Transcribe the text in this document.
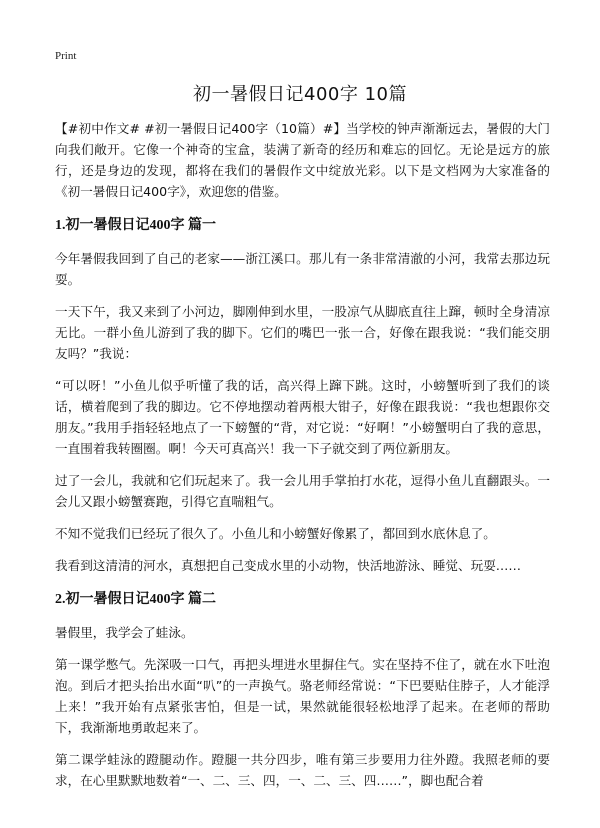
Print
初一暑假日记400字 10篇

【#初中作文# #初一暑假日记400字（10篇）#】当学校的钟声渐渐远去，暑假的大门向我们敞开。它像一个神奇的宝盒，装满了新奇的经历和难忘的回忆。无论是远方的旅行，还是身边的发现，都将在我们的暑假作文中绽放光彩。以下是文档网为大家准备的《初一暑假日记400字》，欢迎您的借鉴。

1.初一暑假日记400字 篇一

今年暑假我回到了自己的老家——浙江溪口。那儿有一条非常清澈的小河，我常去那边玩耍。

一天下午，我又来到了小河边，脚刚伸到水里，一股凉气从脚底直往上蹿，顿时全身清凉无比。一群小鱼儿游到了我的脚下。它们的嘴巴一张一合，好像在跟我说：“我们能交朋友吗？”我说：

“可以呀！”小鱼儿似乎听懂了我的话，高兴得上蹿下跳。这时，小螃蟹听到了我们的谈话，横着爬到了我的脚边。它不停地摆动着两根大钳子，好像在跟我说：“我也想跟你交朋友。”我用手指轻轻地点了一下螃蟹的“背，对它说：“好啊！”小螃蟹明白了我的意思，一直围着我转圈圈。啊！今天可真高兴！我一下子就交到了两位新朋友。

过了一会儿，我就和它们玩起来了。我一会儿用手掌拍打水花，逗得小鱼儿直翻跟头。一会儿又跟小螃蟹赛跑，引得它直喘粗气。

不知不觉我们已经玩了很久了。小鱼儿和小螃蟹好像累了，都回到水底休息了。

我看到这清清的河水，真想把自己变成水里的小动物，快活地游泳、睡觉、玩耍……

2.初一暑假日记400字 篇二

暑假里，我学会了蛙泳。

第一课学憋气。先深吸一口气，再把头埋进水里摒住气。实在坚持不住了，就在水下吐泡泡。到后才把头抬出水面“叭”的一声换气。骆老师经常说：“下巴要贴住脖子，人才能浮上来！”我开始有点紧张害怕，但是一试，果然就能很轻松地浮了起来。在老师的帮助下，我渐渐地勇敢起来了。

第二课学蛙泳的蹬腿动作。蹬腿一共分四步，唯有第三步要用力往外蹬。我照老师的要求，在心里默默地数着“一、二、三、四，一、二、三、四……”，脚也配合着
